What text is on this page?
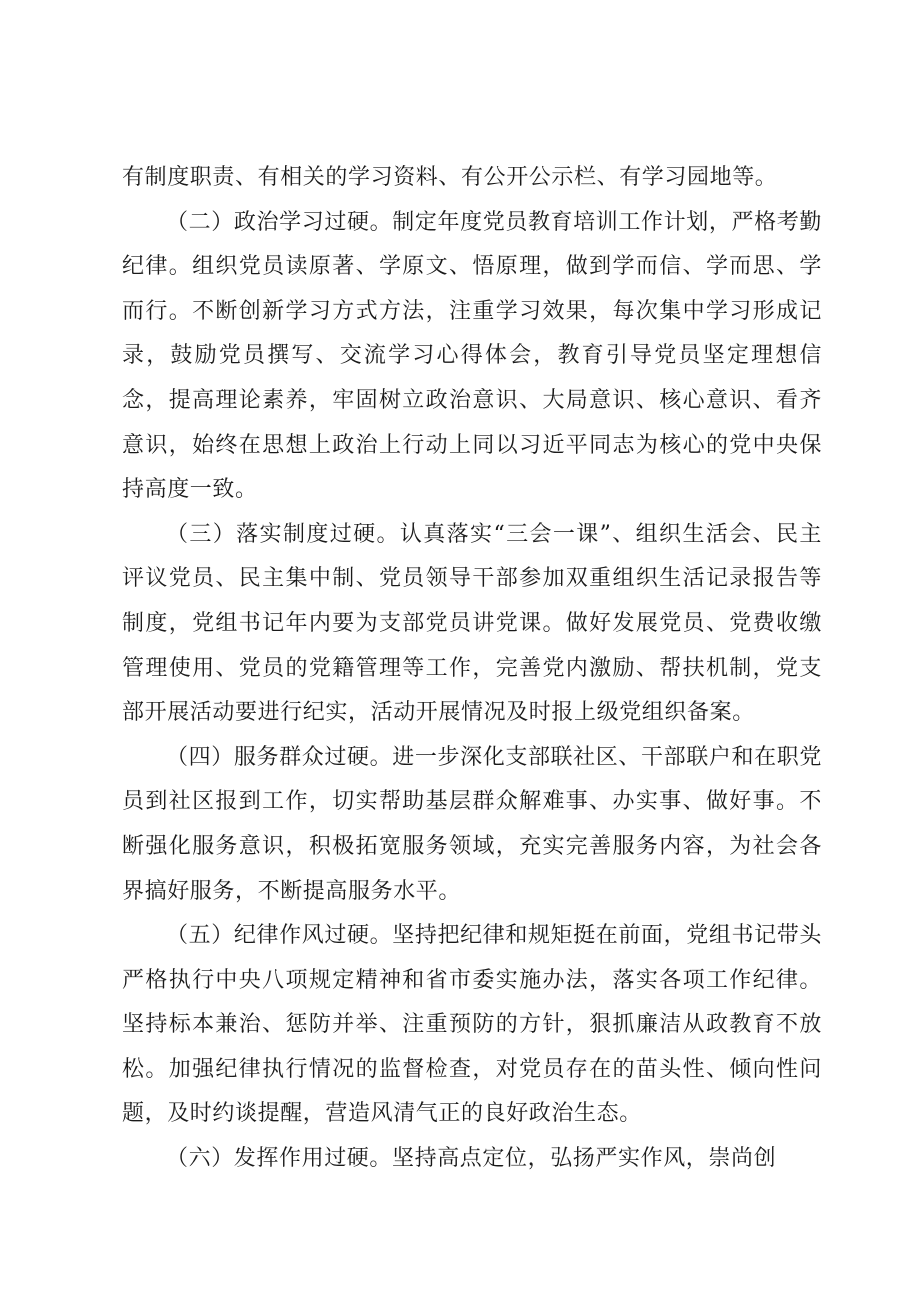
有制度职责、有相关的学习资料、有公开公示栏、有学习园地等。

（二）政治学习过硬。制定年度党员教育培训工作计划，严格考勤纪律。组织党员读原著、学原文、悟原理，做到学而信、学而思、学而行。不断创新学习方式方法，注重学习效果，每次集中学习形成记录，鼓励党员撰写、交流学习心得体会，教育引导党员坚定理想信念，提高理论素养，牢固树立政治意识、大局意识、核心意识、看齐意识，始终在思想上政治上行动上同以习近平同志为核心的党中央保持高度一致。

（三）落实制度过硬。认真落实“三会一课”、组织生活会、民主评议党员、民主集中制、党员领导干部参加双重组织生活记录报告等制度，党组书记年内要为支部党员讲党课。做好发展党员、党费收缴管理使用、党员的党籍管理等工作，完善党内激励、帮扶机制，党支部开展活动要进行纪实，活动开展情况及时报上级党组织备案。

（四）服务群众过硬。进一步深化支部联社区、干部联户和在职党员到社区报到工作，切实帮助基层群众解难事、办实事、做好事。不断强化服务意识，积极拓宽服务领域，充实完善服务内容，为社会各界搞好服务，不断提高服务水平。

（五）纪律作风过硬。坚持把纪律和规矩挺在前面，党组书记带头严格执行中央八项规定精神和省市委实施办法，落实各项工作纪律。坚持标本兼治、惩防并举、注重预防的方针，狠抓廉洁从政教育不放松。加强纪律执行情况的监督检查，对党员存在的苗头性、倾向性问题，及时约谈提醒，营造风清气正的良好政治生态。

（六）发挥作用过硬。坚持高点定位，弘扬严实作风，崇尚创
